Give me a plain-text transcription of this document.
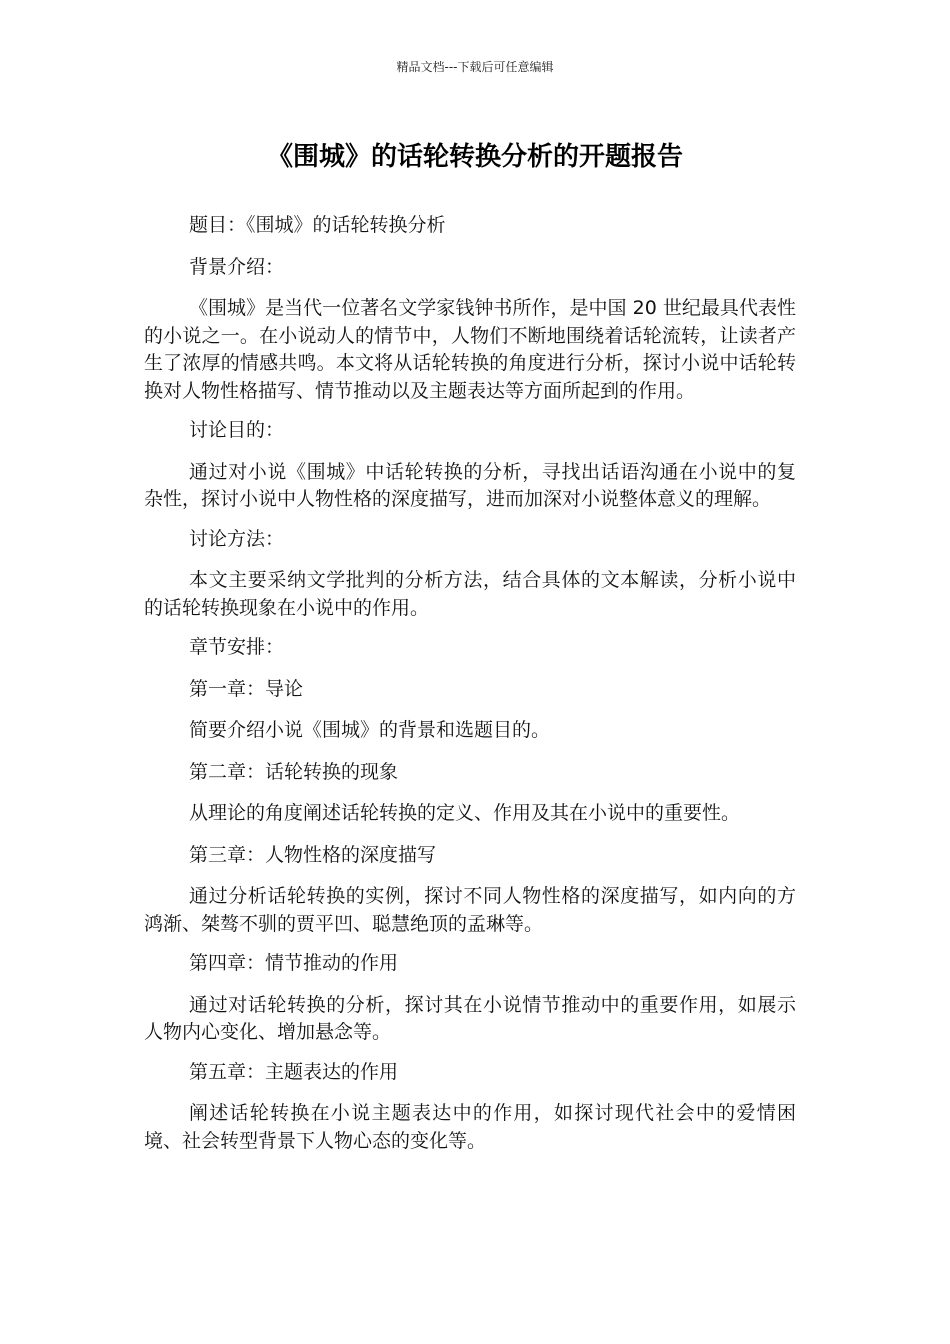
精品文档---下载后可任意编辑
《围城》的话轮转换分析的开题报告

题目：《围城》的话轮转换分析

背景介绍：

《围城》是当代一位著名文学家钱钟书所作，是中国 20 世纪最具代表性的小说之一。在小说动人的情节中，人物们不断地围绕着话轮流转，让读者产生了浓厚的情感共鸣。本文将从话轮转换的角度进行分析，探讨小说中话轮转换对人物性格描写、情节推动以及主题表达等方面所起到的作用。

讨论目的：

通过对小说《围城》中话轮转换的分析，寻找出话语沟通在小说中的复杂性，探讨小说中人物性格的深度描写，进而加深对小说整体意义的理解。

讨论方法：

本文主要采纳文学批判的分析方法，结合具体的文本解读，分析小说中的话轮转换现象在小说中的作用。

章节安排：

第一章：导论

简要介绍小说《围城》的背景和选题目的。

第二章：话轮转换的现象

从理论的角度阐述话轮转换的定义、作用及其在小说中的重要性。

第三章：人物性格的深度描写

通过分析话轮转换的实例，探讨不同人物性格的深度描写，如内向的方鸿渐、桀骜不驯的贾平凹、聪慧绝顶的孟琳等。

第四章：情节推动的作用

通过对话轮转换的分析，探讨其在小说情节推动中的重要作用，如展示人物内心变化、增加悬念等。

第五章：主题表达的作用

阐述话轮转换在小说主题表达中的作用，如探讨现代社会中的爱情困境、社会转型背景下人物心态的变化等。
